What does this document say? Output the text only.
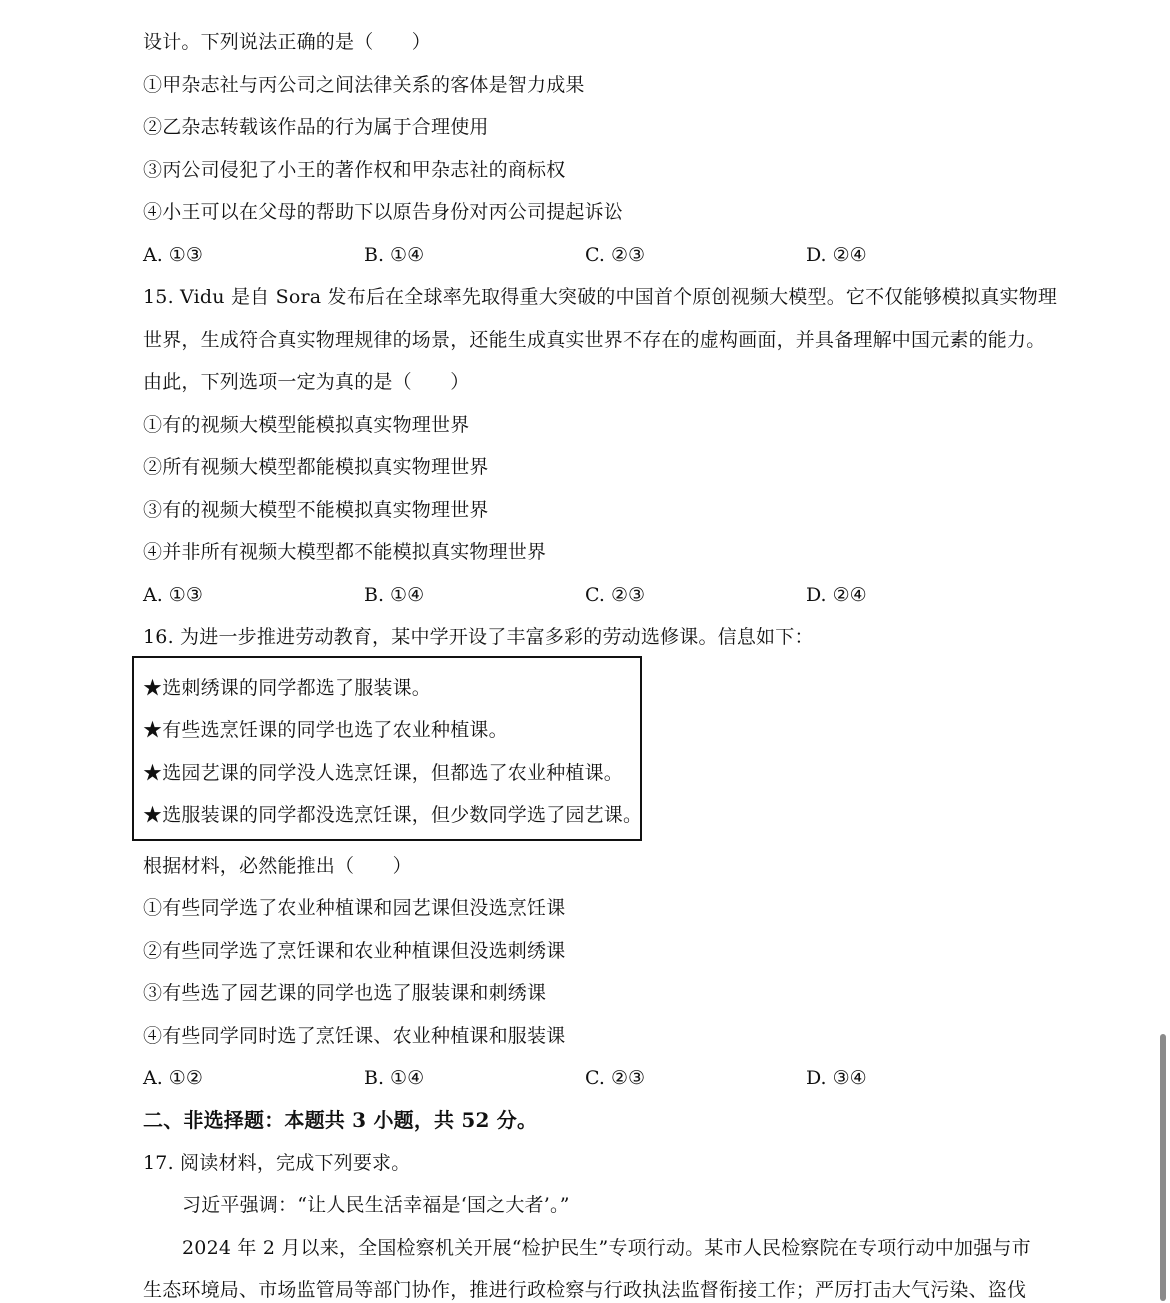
设计。下列说法正确的是（　　）
①甲杂志社与丙公司之间法律关系的客体是智力成果
②乙杂志转载该作品的行为属于合理使用
③丙公司侵犯了小王的著作权和甲杂志社的商标权
④小王可以在父母的帮助下以原告身份对丙公司提起诉讼
A. ①③	B. ①④	C. ②③	D. ②④
15. Vidu 是自 Sora 发布后在全球率先取得重大突破的中国首个原创视频大模型。它不仅能够模拟真实物理
世界，生成符合真实物理规律的场景，还能生成真实世界不存在的虚构画面，并具备理解中国元素的能力。
由此，下列选项一定为真的是（　　）
①有的视频大模型能模拟真实物理世界
②所有视频大模型都能模拟真实物理世界
③有的视频大模型不能模拟真实物理世界
④并非所有视频大模型都不能模拟真实物理世界
A. ①③	B. ①④	C. ②③	D. ②④
16. 为进一步推进劳动教育，某中学开设了丰富多彩的劳动选修课。信息如下：
★选刺绣课的同学都选了服装课。
★有些选烹饪课的同学也选了农业种植课。
★选园艺课的同学没人选烹饪课，但都选了农业种植课。
★选服装课的同学都没选烹饪课，但少数同学选了园艺课。
根据材料，必然能推出（　　）
①有些同学选了农业种植课和园艺课但没选烹饪课
②有些同学选了烹饪课和农业种植课但没选刺绣课
③有些选了园艺课的同学也选了服装课和刺绣课
④有些同学同时选了烹饪课、农业种植课和服装课
A. ①②	B. ①④	C. ②③	D. ③④
二、非选择题：本题共 3 小题，共 52 分。
17. 阅读材料，完成下列要求。
习近平强调：“让人民生活幸福是‘国之大者’。”
2024 年 2 月以来，全国检察机关开展“检护民生”专项行动。某市人民检察院在专项行动中加强与市
生态环境局、市场监管局等部门协作，推进行政检察与行政执法监督衔接工作；严厉打击大气污染、盗伐
